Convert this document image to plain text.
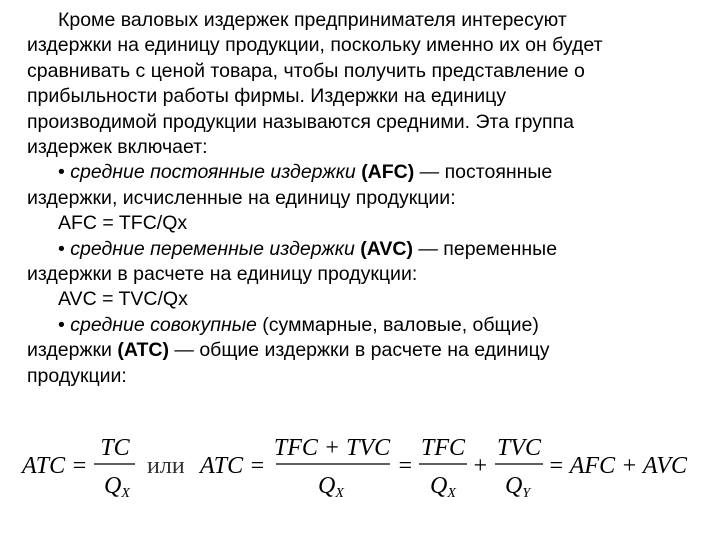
Кроме валовых издержек предпринимателя интересуют
издержки на единицу продукции, поскольку именно их он будет
сравнивать с ценой товара, чтобы получить представление о
прибыльности работы фирмы. Издержки на единицу
производимой продукции называются средними. Эта группа
издержек включает:
• средние постоянные издержки (AFC) — постоянные
издержки, исчисленные на единицу продукции:
AFC = TFC/Qx
• средние переменные издержки (AVC) — переменные
издержки в расчете на единицу продукции:
AVC = TVC/Qx
• средние совокупные (суммарные, валовые, общие)
издержки (ATC) — общие издержки в расчете на единицу
продукции:
ATC =
TC
QX
или ATC =
TFC + TVC
QX
=
TFC
QX
+
TVC
QY
= AFC + AVC
